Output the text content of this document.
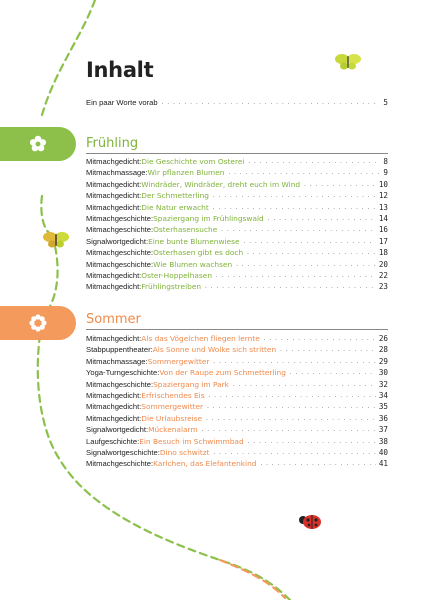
Inhalt
Ein paar Worte vorab . . .	5
Frühling
Mitmachgedicht: Die Geschichte vom Osterei . . .	8
Mitmachmassage: Wir pflanzen Blumen . . .	9
Mitmachgedicht: Windräder, Windräder, dreht euch im Wind . . .	10
Mitmachgedicht: Der Schmetterling . . .	12
Mitmachgedicht: Die Natur erwacht . . .	13
Mitmachgeschichte: Spaziergang im Frühlingswald . . .	14
Mitmachgeschichte: Osterhasensuche . . .	16
Signalwortgedicht: Eine bunte Blumenwiese . . .	17
Mitmachgeschichte: Osterhasen gibt es doch . . .	18
Mitmachgeschichte: Wie Blumen wachsen . . .	20
Mitmachgedicht: Oster-Hoppelhasen . . .	22
Mitmachgedicht: Frühlingstreiben . . .	23
Sommer
Mitmachgedicht: Als das Vögelchen fliegen lernte . . .	26
Stabpuppentheater: Als Sonne und Wolke sich stritten . . .	28
Mitmachmassage: Sommergewitter . . .	29
Yoga-Turngeschichte: Von der Raupe zum Schmetterling . . .	30
Mitmachgeschichte: Spaziergang im Park . . .	32
Mitmachgedicht: Erfrischendes Eis . . .	34
Mitmachgedicht: Sommergewitter . . .	35
Mitmachgedicht: Die Urlaubsreise . . .	36
Signalwortgedicht: Mückenalarm . . .	37
Laufgeschichte: Ein Besuch im Schwimmbad . . .	38
Signalwortgeschichte: Dino schwitzt . . .	40
Mitmachgeschichte: Karlchen, das Elefantenkind . . .	41
